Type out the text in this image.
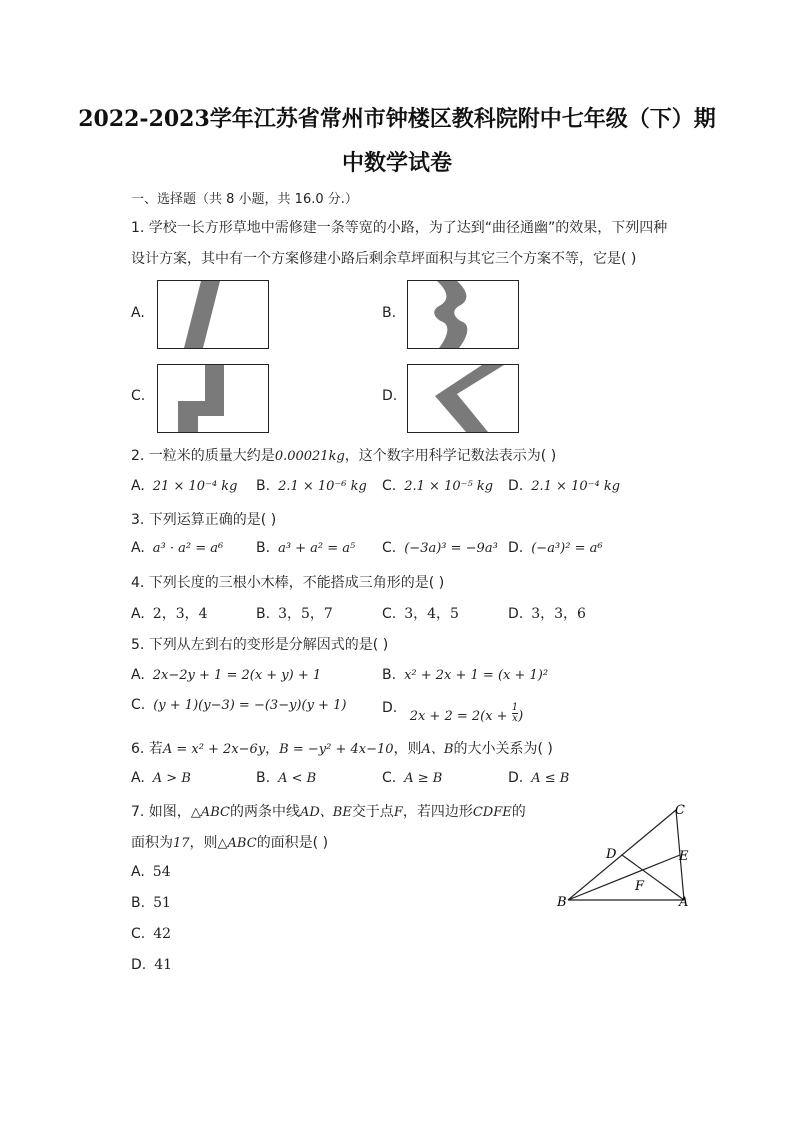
2022-2023学年江苏省常州市钟楼区教科院附中七年级（下）期
中数学试卷
一、选择题（共 8 小题，共 16.0 分.）
1. 学校一长方形草地中需修建一条等宽的小路，为了达到“曲径通幽”的效果，下列四种
设计方案，其中有一个方案修建小路后剩余草坪面积与其它三个方案不等，它是( )
A.	B.
C.	D.
2. 一粒米的质量大约是0.00021kg，这个数字用科学记数法表示为( )
A. 21 × 10⁻⁴ kg B. 2.1 × 10⁻⁶ kg C. 2.1 × 10⁻⁵ kg D. 2.1 × 10⁻⁴ kg
3. 下列运算正确的是( )
A. a³ · a² = a⁶ B. a³ + a² = a⁵ C. (−3a)³ = −9a³ D. (−a³)² = a⁶
4. 下列长度的三根小木棒，不能搭成三角形的是( )
A. 2，3，4	B. 3，5，7	C. 3，4，5	D. 3，3，6
5. 下列从左到右的变形是分解因式的是( )
A. 2x−2y + 1 = 2(x + y) + 1	B. x² + 2x + 1 = (x + 1)²
C. (y + 1)(y−3) = −(3−y)(y + 1)	D. $2x + 2 = 2(x + \frac{1}{x}$ )
6. 若A = x² + 2x−6y，B = −y² + 4x−10，则A、B的大小关系为( )
A. A > B	B. A < B	C. A ≥ B	D. A ≤ B
7. 如图，△ABC的两条中线AD、BE交于点F，若四边形CDFE的
面积为17，则△ABC的面积是( )
A. 54
B. 51
C. 42
D. 41
C
D	E
F
B	A
